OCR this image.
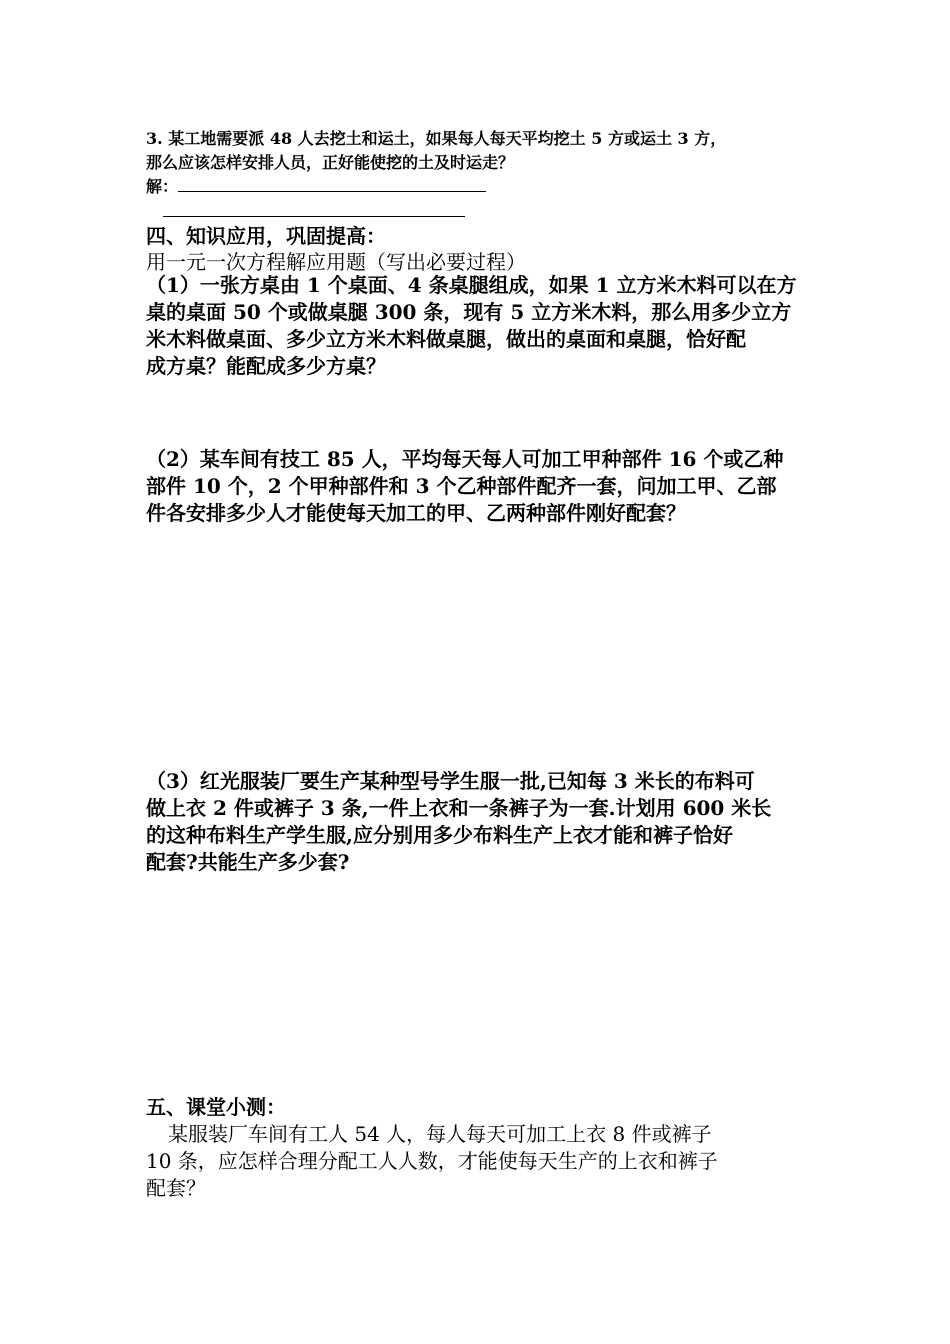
3. 某工地需要派 48 人去挖土和运土，如果每人每天平均挖土 5 方或运土 3 方，

那么应该怎样安排人员，正好能使挖的土及时运走？

解：

四、知识应用，巩固提高：
用一元一次方程解应用题（写出必要过程）

（1）一张方桌由 1 个桌面、4 条桌腿组成，如果 1 立方米木料可以在方

桌的桌面 50 个或做桌腿 300 条，现有 5 立方米木料，那么用多少立方

米木料做桌面、多少立方米木料做桌腿，做出的桌面和桌腿，恰好配

成方桌？能配成多少方桌？

（2）某车间有技工 85 人，平均每天每人可加工甲种部件 16 个或乙种

部件 10 个，2 个甲种部件和 3 个乙种部件配齐一套，问加工甲、乙部

件各安排多少人才能使每天加工的甲、乙两种部件刚好配套？

（3）红光服装厂要生产某种型号学生服一批,已知每 3 米长的布料可

做上衣 2 件或裤子 3 条,一件上衣和一条裤子为一套.计划用 600 米长

的这种布料生产学生服,应分别用多少布料生产上衣才能和裤子恰好

配套?共能生产多少套?

五、课堂小测：

某服装厂车间有工人 54 人，每人每天可加工上衣 8 件或裤子

10 条，应怎样合理分配工人人数，才能使每天生产的上衣和裤子

配套？
